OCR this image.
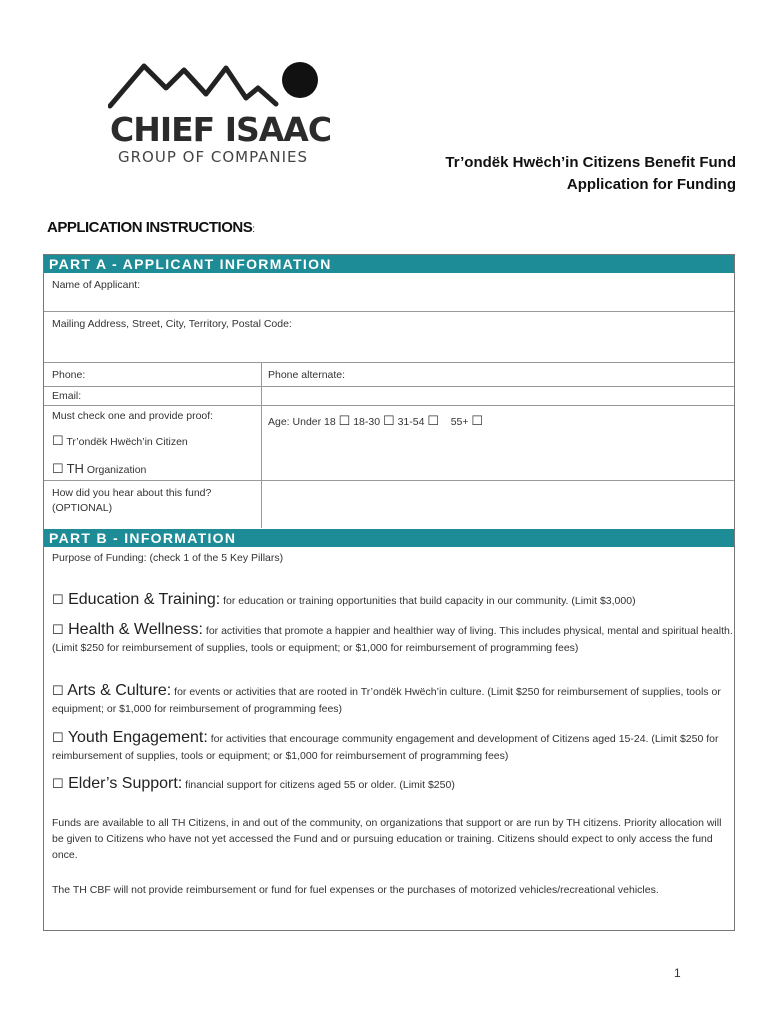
CHIEF ISAAC
GROUP OF COMPANIES	Tr’ondëk Hwëch’in Citizens Benefit Fund
Application for Funding
APPLICATION INSTRUCTIONS:
PART A - APPLICANT INFORMATION
Name of Applicant:
Mailing Address, Street, City, Territory, Postal Code:
Phone:	Phone alternate:
Email:
Must check one and provide proof:
☐ Tr’ondëk Hwëch’in Citizen
☐ TH Organization
Age: Under 18 ☐ 18-30 ☐ 31-54 ☐ 55+ ☐
How did you hear about this fund?
(OPTIONAL)
PART B - INFORMATION
Purpose of Funding: (check 1 of the 5 Key Pillars)
☐ Education & Training: for education or training opportunities that build capacity in our community. (Limit $3,000)
☐ Health & Wellness: for activities that promote a happier and healthier way of living. This includes physical, mental and spiritual health. (Limit $250 for reimbursement of supplies, tools or equipment; or $1,000 for reimbursement of programming fees)
☐ Arts & Culture: for events or activities that are rooted in Tr’ondëk Hwëch’in culture. (Limit $250 for reimbursement of supplies, tools or equipment; or $1,000 for reimbursement of programming fees)
☐ Youth Engagement: for activities that encourage community engagement and development of Citizens aged 15-24. (Limit $250 for reimbursement of supplies, tools or equipment; or $1,000 for reimbursement of programming fees)
☐ Elder’s Support: financial support for citizens aged 55 or older. (Limit $250)
Funds are available to all TH Citizens, in and out of the community, on organizations that support or are run by TH citizens. Priority allocation will be given to Citizens who have not yet accessed the Fund and or pursuing education or training. Citizens should expect to only access the fund once.
The TH CBF will not provide reimbursement or fund for fuel expenses or the purchases of motorized vehicles/recreational vehicles.
1
